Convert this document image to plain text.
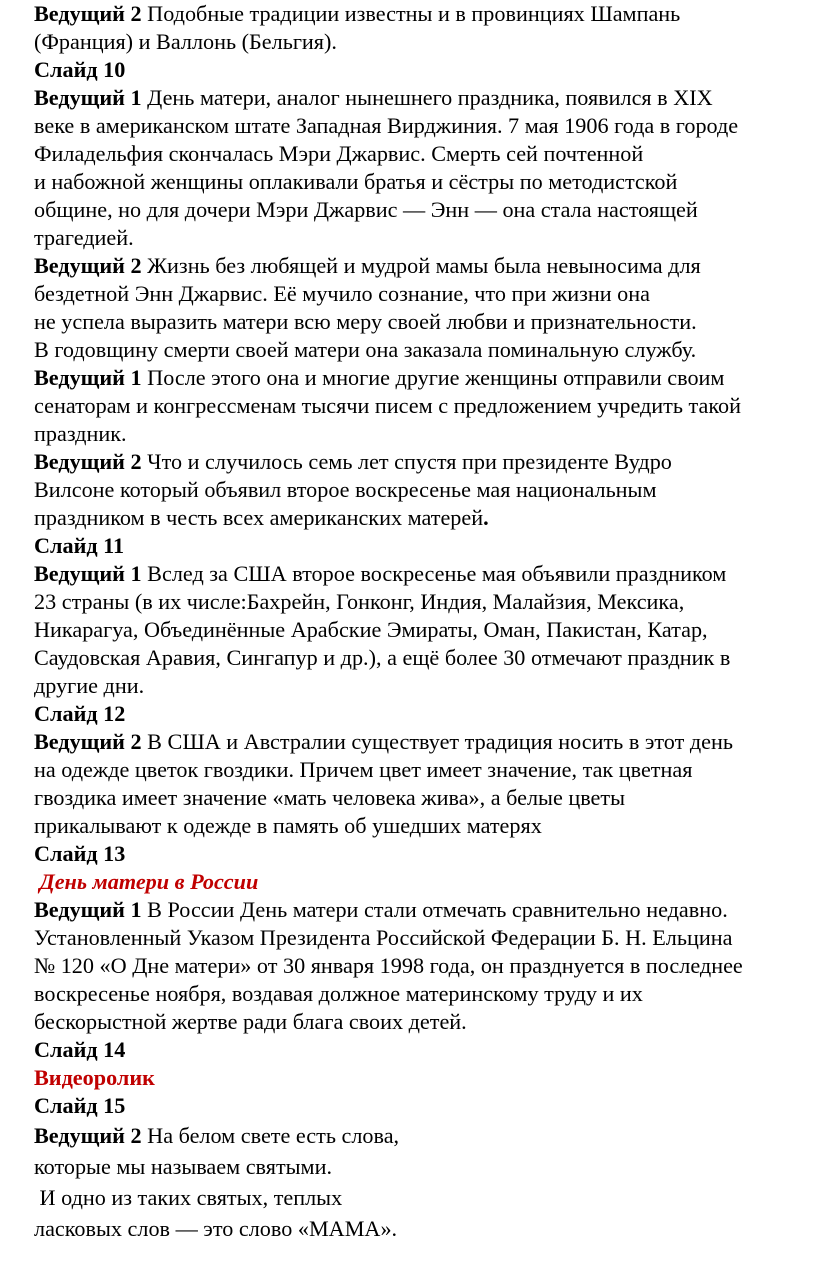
Ведущий 2 Подобные традиции известны и в провинциях Шампань
(Франция) и Валлонь (Бельгия).
Слайд 10
Ведущий 1 День матери, аналог нынешнего праздника, появился в XIX
веке в американском штате Западная Вирджиния. 7 мая 1906 года в городе
Филадельфия скончалась Мэри Джарвис. Смерть сей почтенной
и набожной женщины оплакивали братья и сёстры по методистской
общине, но для дочери Мэри Джарвис — Энн — она стала настоящей
трагедией.
Ведущий 2 Жизнь без любящей и мудрой мамы была невыносима для
бездетной Энн Джарвис. Её мучило сознание, что при жизни она
не успела выразить матери всю меру своей любви и признательности.
В годовщину смерти своей матери она заказала поминальную службу.
Ведущий 1 После этого она и многие другие женщины отправили своим
сенаторам и конгрессменам тысячи писем с предложением учредить такой
праздник.
Ведущий 2 Что и случилось семь лет спустя при президенте Вудро
Вилсоне который объявил второе воскресенье мая национальным
праздником в честь всех американских матерей.
Слайд 11
Ведущий 1 Вслед за США второе воскресенье мая объявили праздником
23 страны (в их числе:Бахрейн, Гонконг, Индия, Малайзия, Мексика,
Никарагуа, Объединённые Арабские Эмираты, Оман, Пакистан, Катар,
Саудовская Аравия, Сингапур и др.), а ещё более 30 отмечают праздник в
другие дни.
Слайд 12
Ведущий 2 В США и Австралии существует традиция носить в этот день
на одежде цветок гвоздики. Причем цвет имеет значение, так цветная
гвоздика имеет значение «мать человека жива», а белые цветы
прикалывают к одежде в память об ушедших матерях
Слайд 13
День матери в России
Ведущий 1 В России День матери стали отмечать сравнительно недавно.
Установленный Указом Президента Российской Федерации Б. Н. Ельцина
№ 120 «О Дне матери» от 30 января 1998 года, он празднуется в последнее
воскресенье ноября, воздавая должное материнскому труду и их
бескорыстной жертве ради блага своих детей.
Слайд 14
Видеоролик
Слайд 15
Ведущий 2 На белом свете есть слова,
которые мы называем святыми.
И одно из таких святых, теплых
ласковых слов — это слово «МАМА».
